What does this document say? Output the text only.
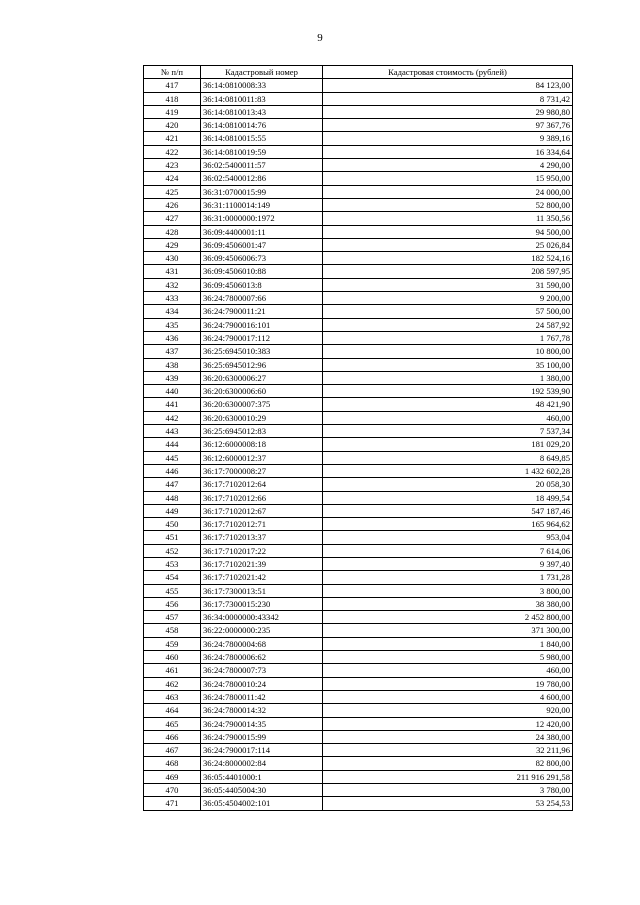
9
№ п/п	Кадастровый номер	Кадастровая стоимость (рублей)
417	36:14:0810008:33	84 123,00
418	36:14:0810011:83	8 731,42
419	36:14:0810013:43	29 980,80
420	36:14:0810014:76	97 367,76
421	36:14:0810015:55	9 389,16
422	36:14:0810019:59	16 334,64
423	36:02:5400011:57	4 290,00
424	36:02:5400012:86	15 950,00
425	36:31:0700015:99	24 000,00
426	36:31:1100014:149	52 800,00
427	36:31:0000000:1972	11 350,56
428	36:09:4400001:11	94 500,00
429	36:09:4506001:47	25 026,84
430	36:09:4506006:73	182 524,16
431	36:09:4506010:88	208 597,95
432	36:09:4506013:8	31 590,00
433	36:24:7800007:66	9 200,00
434	36:24:7900011:21	57 500,00
435	36:24:7900016:101	24 587,92
436	36:24:7900017:112	1 767,78
437	36:25:6945010:383	10 800,00
438	36:25:6945012:96	35 100,00
439	36:20:6300006:27	1 380,00
440	36:20:6300006:60	192 539,90
441	36:20:6300007:375	48 421,90
442	36:20:6300010:29	460,00
443	36:25:6945012:83	7 537,34
444	36:12:6000008:18	181 029,20
445	36:12:6000012:37	8 649,85
446	36:17:7000008:27	1 432 602,28
447	36:17:7102012:64	20 058,30
448	36:17:7102012:66	18 499,54
449	36:17:7102012:67	547 187,46
450	36:17:7102012:71	165 964,62
451	36:17:7102013:37	953,04
452	36:17:7102017:22	7 614,06
453	36:17:7102021:39	9 397,40
454	36:17:7102021:42	1 731,28
455	36:17:7300013:51	3 800,00
456	36:17:7300015:230	38 380,00
457	36:34:0000000:43342	2 452 800,00
458	36:22:0000000:235	371 300,00
459	36:24:7800004:68	1 840,00
460	36:24:7800006:62	5 980,00
461	36:24:7800007:73	460,00
462	36:24:7800010:24	19 780,00
463	36:24:7800011:42	4 600,00
464	36:24:7800014:32	920,00
465	36:24:7900014:35	12 420,00
466	36:24:7900015:99	24 380,00
467	36:24:7900017:114	32 211,96
468	36:24:8000002:84	82 800,00
469	36:05:4401000:1	211 916 291,58
470	36:05:4405004:30	3 780,00
471	36:05:4504002:101	53 254,53
